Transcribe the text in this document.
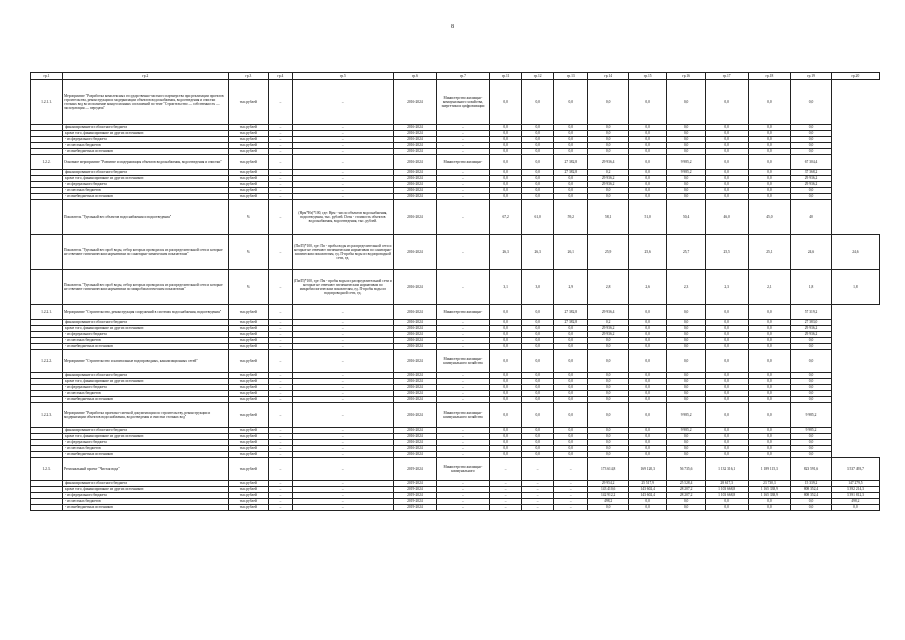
8
гр.1	гр.2	гр.3	гр.4	гр.5	гр.6	гр.7	гр.11	гр.12	гр.13	гр.14	гр.15	гр.16	гр.17	гр.18	гр.19	гр.20
1.2.1.1.	Мероприятие "Разработка комплексных государственно-частного партнерства при реализации проектов строительства, реконструкции и модернизации объектов водоснабжения, водоотведения и очистки сточных вод во исполнение концессионных соглашений по теме "Строительство — собственность — эксплуатация — передача"	тыс.рублей	–	–	2016-2024	Министерство жилищно-коммунального хозяйства, энергетики и цифровизации	0,0	0,0	0,0	0,0	0,0	0,0	0,0	0,0	0,0	
	финансирование из областного бюджета	тыс.рублей	–	–	2016-2024	–	0,0	0,0	0,0	0,0	0,0	0,0	0,0	0,0	0,0	
	кроме того, финансирование из других источников:	тыс.рублей	–	–	2016-2024	–	0,0	0,0	0,0	0,0	0,0	0,0	0,0	0,0	0,0	
	- из федерального бюджета	тыс.рублей	–	–	2016-2024	–	0,0	0,0	0,0	0,0	0,0	0,0	0,0	0,0	0,0	
	- из местных бюджетов	тыс.рублей	–	–	2016-2024	–	0,0	0,0	0,0	0,0	0,0	0,0	0,0	0,0	0,0	
	- из внебюджетных источников	тыс.рублей	–	–	2016-2024	–	0,0	0,0	0,0	0,0	0,0	0,0	0,0	0,0	0,0	
1.2.2.	Основное мероприятие "Развитие и модернизация объектов водоснабжения, водоотведения и очистки"	тыс.рублей	–	–	2016-2024	Министерство жилищно-	0,0	0,0	27 382,8	29 936,4	0,0	9 985,2	0,0	0,0	67 304,4	
	финансирование из областного бюджета	тыс.рублей	–	–	2016-2024	–	0,0	0,0	27 382,8	0,2	0,0	9 985,2	0,0	0,0	37 368,2	
	кроме того, финансирование из других источников:	тыс.рублей	–	–	2016-2024	–	0,0	0,0	0,0	29 936,2	0,0	0,0	0,0	0,0	29 936,2	
	- из федерального бюджета	тыс.рублей	–	–	2016-2024	–	0,0	0,0	0,0	29 936,2	0,0	0,0	0,0	0,0	29 936,2	
	- из местных бюджетов	тыс.рублей	–	–	2016-2024	–	0,0	0,0	0,0	0,0	0,0	0,0	0,0	0,0	0,0	
	- из внебюджетных источников	тыс.рублей	–	–	2016-2024	–	0,0	0,0	0,0	0,0	0,0	0,0	0,0	0,0	0,0	
	Показатель "Удельный вес объектов водоснабжения и водоотведения"	%	–	(Нрм*Нз)*100, где: Нрм - число объектов водоснабжения, водоотведения, тыс. рублей. Dотн - стоимость объектов водоснабжения, водоотведения, тыс. рублей.	2016-2024	–	67,2	61,0	59,2	58,1	51,0	50,4	46,0	45,0	40	
	Показатель "Удельный вес проб воды, отбор которых проводился из распределительной сети и которые не отвечают гигиеническим нормативам по санитарно-химическим показателям"	%	–	(Пп/П)*100, где: Пп - пробы воды из распределительной сети и которые не отвечают гигиеническим нормативам по санитарно-химическим показателям, ед. П-пробы воды из водопроводной сети, ед.	2016-2024	–	26,3	26,3	26,1	25,9	25,6	25,7	25,5	25,1	24,6	24,6
	Показатель "Удельный вес проб воды, отбор которых проводился из распределительной сети и которые не отвечают гигиеническим нормативам по микробиологическим показателям"	%	–	(Пм/П)*100, где: Пм - пробы воды из распределительной сети и которые не отвечают гигиеническим нормативам по микробиологическим показателям, ед. П-пробы воды из водопроводной сети, ед.	2016-2024	–	3,1	3,0	2,9	2,8	2,6	2,3	2,3	2,1	1,8	1,8
1.2.2.1.	Мероприятие "Строительство, реконструкция сооружений в системах водоснабжения, водоотведения"	тыс.рублей	–	–	2016-2024	Министерство жилищно-	0,0	0,0	27 382,8	29 936,4	0,0	0,0	0,0	0,0	57 319,2	
	финансирование из областного бюджета	тыс.рублей	–	–	2016-2024	–	0,0	0,0	27 382,8	0,2	0,0	0,0	0,0	0,0	27 383,0	
	кроме того, финансирование из других источников:	тыс.рублей	–	–	2016-2024	–	0,0	0,0	0,0	29 936,2	0,0	0,0	0,0	0,0	29 936,2	
	- из федерального бюджета	тыс.рублей	–	–	2016-2024	–	0,0	0,0	0,0	29 936,2	0,0	0,0	0,0	0,0	29 936,2	
	- из местных бюджетов	тыс.рублей	–	–	2016-2024	–	0,0	0,0	0,0	0,0	0,0	0,0	0,0	0,0	0,0	
	- из внебюджетных источников	тыс.рублей	–	–	2016-2024	–	0,0	0,0	0,0	0,0	0,0	0,0	0,0	0,0	0,0	
1.2.2.2.	Мероприятие "Строительство и капитальные водопроводных, канализационных сетей"	тыс.рублей	–	–	2016-2024	Министерство жилищно-коммунального хозяйства	0,0	0,0	0,0	0,0	0,0	0,0	0,0	0,0	0,0	
	финансирование из областного бюджета	тыс.рублей	–	–	2016-2024	–	0,0	0,0	0,0	0,0	0,0	0,0	0,0	0,0	0,0	
	кроме того, финансирование из других источников:	тыс.рублей	–	–	2016-2024	–	0,0	0,0	0,0	0,0	0,0	0,0	0,0	0,0	0,0	
	- из федерального бюджета	тыс.рублей	–	–	2016-2024	–	0,0	0,0	0,0	0,0	0,0	0,0	0,0	0,0	0,0	
	- из местных бюджетов	тыс.рублей	–	–	2016-2024	–	0,0	0,0	0,0	0,0	0,0	0,0	0,0	0,0	0,0	
	- из внебюджетных источников	тыс.рублей	–	–	2016-2024	–	0,0	0,0	0,0	0,0	0,0	0,0	0,0	0,0	0,0	
1.2.2.3.	Мероприятие "Разработка проектно-сметной документации по строительству, реконструкции и модернизации объектов водоснабжения, водоотведения и очистки сточных вод"	тыс.рублей	–	–	2016-2024	Министерство жилищно-коммунального хозяйства	0,0	0,0	0,0	0,0	0,0	9 985,2	0,0	0,0	9 985,2	
	финансирование из областного бюджета	тыс.рублей	–	–	2016-2024	–	0,0	0,0	0,0	0,0	0,0	9 985,2	0,0	0,0	9 985,2	
	кроме того, финансирование из других источников:	тыс.рублей	–	–	2016-2024	–	0,0	0,0	0,0	0,0	0,0	0,0	0,0	0,0	0,0	
	- из федерального бюджета	тыс.рублей	–	–	2016-2024	–	0,0	0,0	0,0	0,0	0,0	0,0	0,0	0,0	0,0	
	- из местных бюджетов	тыс.рублей	–	–	2016-2024	–	0,0	0,0	0,0	0,0	0,0	0,0	0,0	0,0	0,0	
	- из внебюджетных источников	тыс.рублей	–	–	2016-2024	–	0,0	0,0	0,0	0,0	0,0	0,0	0,0	0,0	0,0	
1.2.3.	Региональный проект "Чистая вода"	тыс.рублей	–	–	2019-2024	Министерство жилищно-коммунального	–	–	–	173 614,8	169 120,3	56 735,6	1 132 316,1	1 189 115,3	823 591,6	3 537 493,7
	финансирование из областного бюджета	тыс.рублей	–	–	2019-2024	–	–	–	–	29 954,2	25 517,9	25 528,4	28 617,3	23 730,3	15 339,2	147 279,5
	кроме того, финансирование из других источников:	тыс.рублей	–	–	2019-2024	–	–	–	–	143 410,6	143 602,4	28 207,2	1 103 668,8	1 165 338,9	808 352,4	3 392 214,3
	- из федерального бюджета	тыс.рублей	–	–	2019-2024	–	–	–	–	142 912,2	143 602,4	28 207,2	1 103 668,8	1 165 338,9	808 352,4	3 391 812,3
	- из местных бюджетов	тыс.рублей	–	–	2019-2024	–	–	–	–	498,2	0,0	0,0	0,0	0,0	0,0	498,2
	- из внебюджетных источников	тыс.рублей	–	–	2019-2024	–	–	–	–	0,0	0,0	0,0	0,0	0,0	0,0	0,0
